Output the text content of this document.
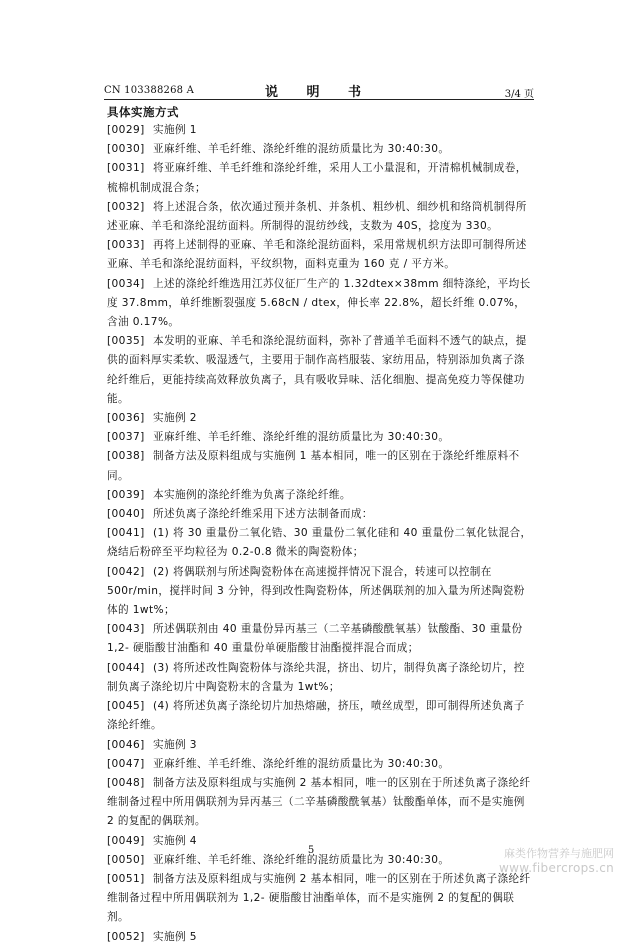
CN 103388268 A	说 明 书	3/4 页
具体实施方式

[0029] 实施例 1

[0030] 亚麻纤维、羊毛纤维、涤纶纤维的混纺质量比为 30:40:30。

[0031] 将亚麻纤维、羊毛纤维和涤纶纤维，采用人工小量混和，开清棉机械制成卷，梳棉机制成混合条；

[0032] 将上述混合条，依次通过预并条机、并条机、粗纱机、细纱机和络筒机制得所述亚麻、羊毛和涤纶混纺面料。所制得的混纺纱线，支数为 40S，捻度为 330。

[0033] 再将上述制得的亚麻、羊毛和涤纶混纺面料，采用常规机织方法即可制得所述亚麻、羊毛和涤纶混纺面料，平纹织物，面料克重为 160 克 / 平方米。

[0034] 上述的涤纶纤维选用江苏仪征厂生产的 1.32dtex×38mm 细特涤纶，平均长度 37.8mm，单纤维断裂强度 5.68cN / dtex，伸长率 22.8%，超长纤维 0.07%，含油 0.17%。

[0035] 本发明的亚麻、羊毛和涤纶混纺面料，弥补了普通羊毛面料不透气的缺点，提供的面料厚实柔软、吸湿透气，主要用于制作高档服装、家纺用品，特别添加负离子涤纶纤维后，更能持续高效释放负离子，具有吸收异味、活化细胞、提高免疫力等保健功能。

[0036] 实施例 2

[0037] 亚麻纤维、羊毛纤维、涤纶纤维的混纺质量比为 30:40:30。

[0038] 制备方法及原料组成与实施例 1 基本相同，唯一的区别在于涤纶纤维原料不同。

[0039] 本实施例的涤纶纤维为负离子涤纶纤维。

[0040] 所述负离子涤纶纤维采用下述方法制备而成：

[0041] (1) 将 30 重量份二氧化锆、30 重量份二氧化硅和 40 重量份二氧化钛混合，烧结后粉碎至平均粒径为 0.2-0.8 微米的陶瓷粉体；

[0042] (2) 将偶联剂与所述陶瓷粉体在高速搅拌情况下混合，转速可以控制在 500r/min，搅拌时间 3 分钟，得到改性陶瓷粉体，所述偶联剂的加入量为所述陶瓷粉体的 1wt%；

[0043] 所述偶联剂由 40 重量份异丙基三（二辛基磷酸酰氧基）钛酸酯、30 重量份 1,2- 硬脂酸甘油酯和 40 重量份单硬脂酸甘油酯搅拌混合而成；

[0044] (3) 将所述改性陶瓷粉体与涤纶共混，挤出、切片，制得负离子涤纶切片，控制负离子涤纶切片中陶瓷粉末的含量为 1wt%；

[0045] (4) 将所述负离子涤纶切片加热熔融，挤压，喷丝成型，即可制得所述负离子涤纶纤维。

[0046] 实施例 3

[0047] 亚麻纤维、羊毛纤维、涤纶纤维的混纺质量比为 30:40:30。

[0048] 制备方法及原料组成与实施例 2 基本相同，唯一的区别在于所述负离子涤纶纤维制备过程中所用偶联剂为异丙基三（二辛基磷酸酰氧基）钛酸酯单体，而不是实施例 2 的复配的偶联剂。

[0049] 实施例 4

[0050] 亚麻纤维、羊毛纤维、涤纶纤维的混纺质量比为 30:40:30。

[0051] 制备方法及原料组成与实施例 2 基本相同，唯一的区别在于所述负离子涤纶纤维制备过程中所用偶联剂为 1,2- 硬脂酸甘油酯单体，而不是实施例 2 的复配的偶联剂。

[0052] 实施例 5

5	麻类作物营养与施肥网
www.fibercrops.cn
